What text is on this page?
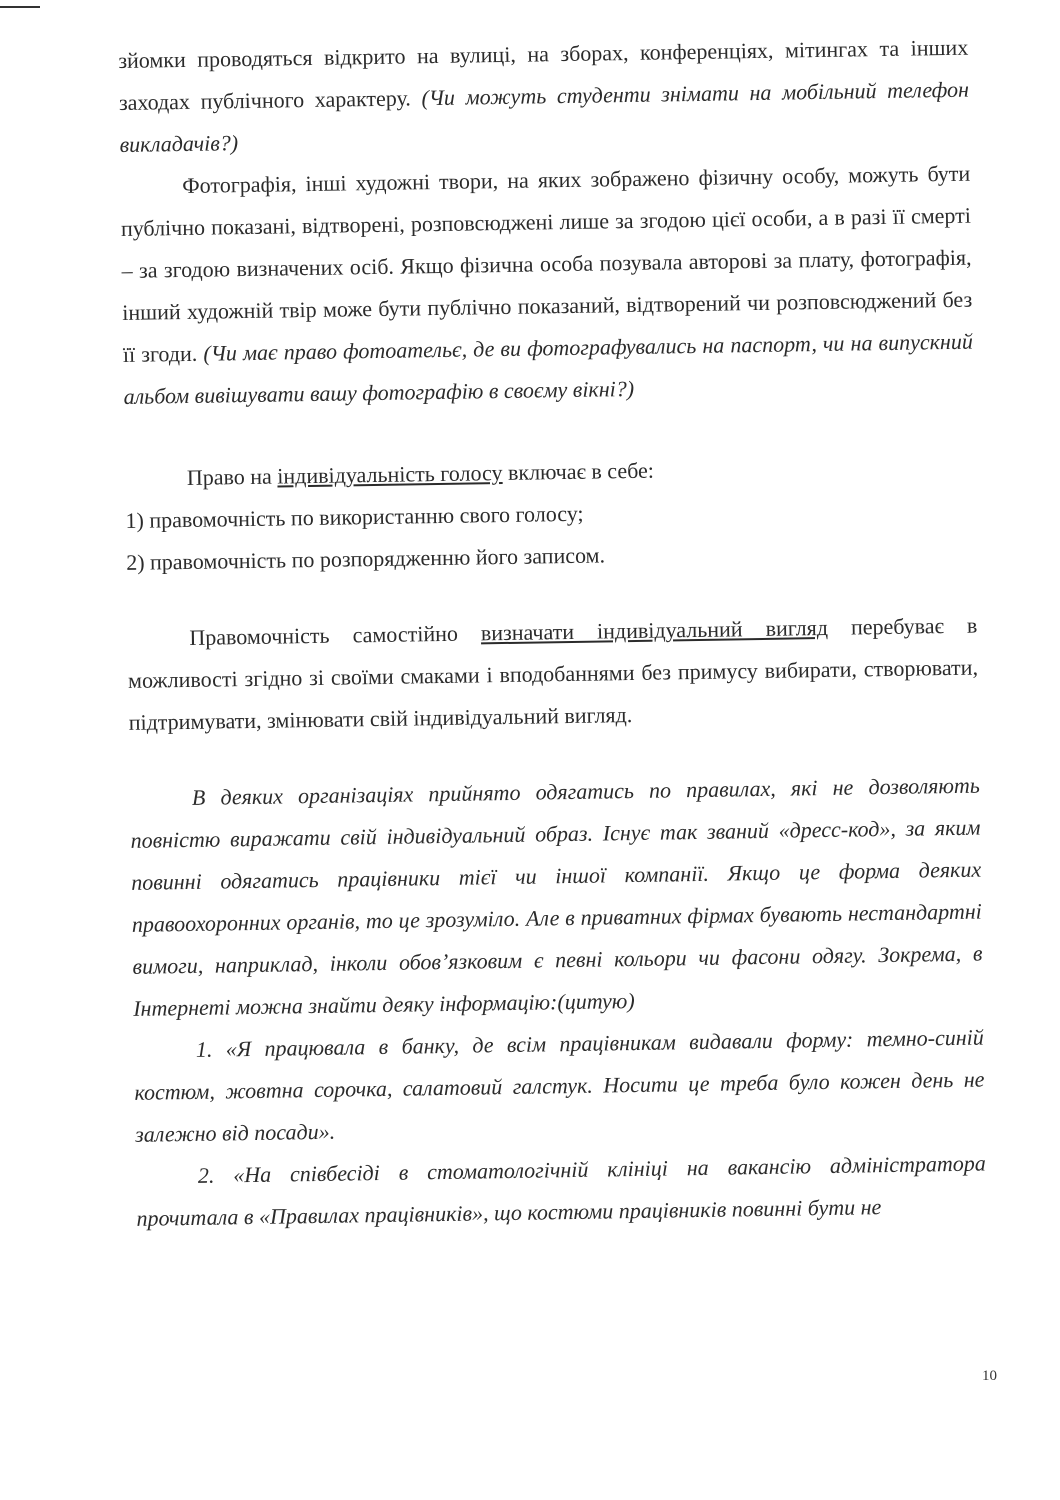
зйомки проводяться відкрито на вулиці, на зборах, конференціях, мітингах та інших заходах публічного характеру. (Чи можуть студенти знімати на мобільний телефон викладачів?)

Фотографія, інші художні твори, на яких зображено фізичну особу, можуть бути публічно показані, відтворені, розповсюджені лише за згодою цієї особи, а в разі її смерті – за згодою визначених осіб. Якщо фізична особа позувала авторові за плату, фотографія, інший художній твір може бути публічно показаний, відтворений чи розповсюджений без її згоди. (Чи має право фотоательє, де ви фотографувались на паспорт, чи на випускний альбом вивішувати вашу фотографію в своєму вікні?)

Право на індивідуальність голосу включає в себе:

1) правомочність по використанню свого голосу;

2) правомочність по розпорядженню його записом.

Правомочність самостійно визначати індивідуальний вигляд перебуває в можливості згідно зі своїми смаками і вподобаннями без примусу вибирати, створювати, підтримувати, змінювати свій індивідуальний вигляд.

В деяких організаціях прийнято одягатись по правилах, які не дозволяють повністю виражати свій індивідуальний образ. Існує так званий «дресс-код», за яким повинні одягатись працівники тієї чи іншої компанії. Якщо це форма деяких правоохоронних органів, то це зрозуміло. Але в приватних фірмах бувають нестандартні вимоги, наприклад, інколи обов’язковим є певні кольори чи фасони одягу. Зокрема, в Інтернеті можна знайти деяку інформацію:(цитую)

1. «Я працювала в банку, де всім працівникам видавали форму: темно-синій костюм, жовтна сорочка, салатовий галстук. Носити це треба було кожен день не залежно від посади».

2. «На співбесіді в стоматологічній клініці на вакансію адміністратора прочитала в «Правилах працівників», що костюми працівників повинні бути не

10
